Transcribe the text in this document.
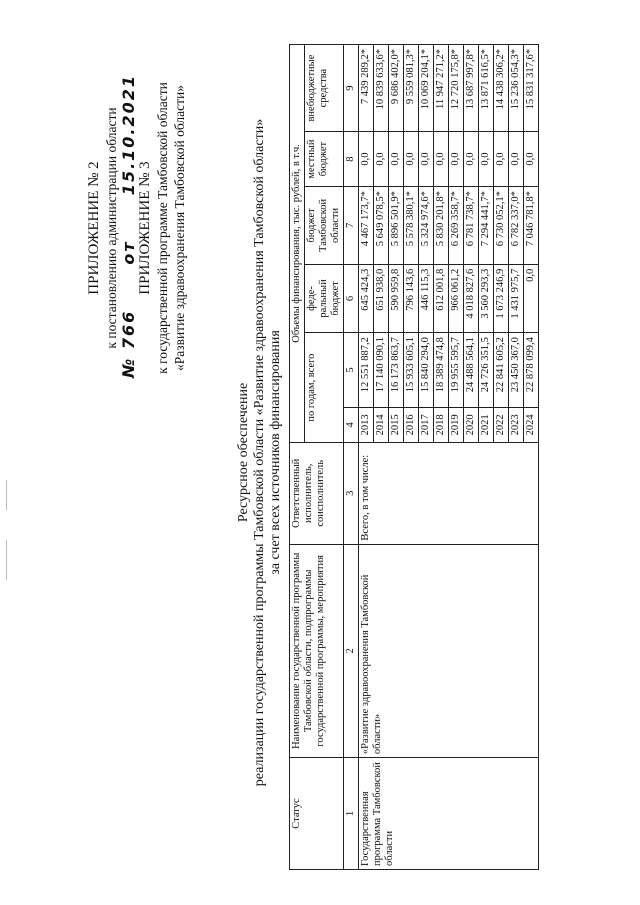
ПРИЛОЖЕНИЕ № 2 к постановлению администрации области
№ 766  от  15.10.2021
ПРИЛОЖЕНИЕ № 3 к государственной программе Тамбовской области «Развитие здравоохранения Тамбовской области»
Ресурсное обеспечение реализации государственной программы Тамбовской области «Развитие здравоохранения Тамбовской области» за счет всех источников финансирования
Статус	Наименование государственной программы Тамбовской области, подпрограммы государственной программы, мероприятия	Ответственный исполнитель, соисполнитель	Объемы финансирования, тыс. рублей, в т.ч.					
			по годам, всего		феде-ральный бюджет	бюджет Тамбовской области	местный бюджет	внебюджетные средства
1	2	3	4	5	6	7	8	9
Государственная программа Тамбовской области	«Развитие здравоохранения Тамбовской области»	Всего, в том числе:	2013	12 551 887,2	645 424,3	4 467 173,7*	0,0	7 439 289,2*
			2014	17 140 090,1	651 938,0	5 649 078,5*	0,0	10 839 633,6*
			2015	16 173 863,7	590 959,8	5 896 501,9*	0,0	9 686 402,0*
			2016	15 933 605,1	796 143,6	5 578 380,1*	0,0	9 559 081,3*
			2017	15 840 294,0	446 115,3	5 324 974,6*	0,0	10 069 204,1*
			2018	18 389 474,8	612 001,8	5 830 201,8*	0,0	11 947 271,2*
			2019	19 955 595,7	966 061,2	6 269 358,7*	0,0	12 720 175,8*
			2020	24 488 564,1	4 018 827,6	6 781 738,7*	0,0	13 687 997,8*
			2021	24 726 351,5	3 560 293,3	7 294 441,7*	0,0	13 871 616,5*
			2022	22 841 605,2	1 673 246,9	6 730 052,1*	0,0	14 438 306,2*
			2023	23 450 367,0	1 431 975,7	6 782 337,0*	0,0	15 236 054,3*
			2024	22 878 099,4	0,0	7 046 781,8*	0,0	15 831 317,6*
